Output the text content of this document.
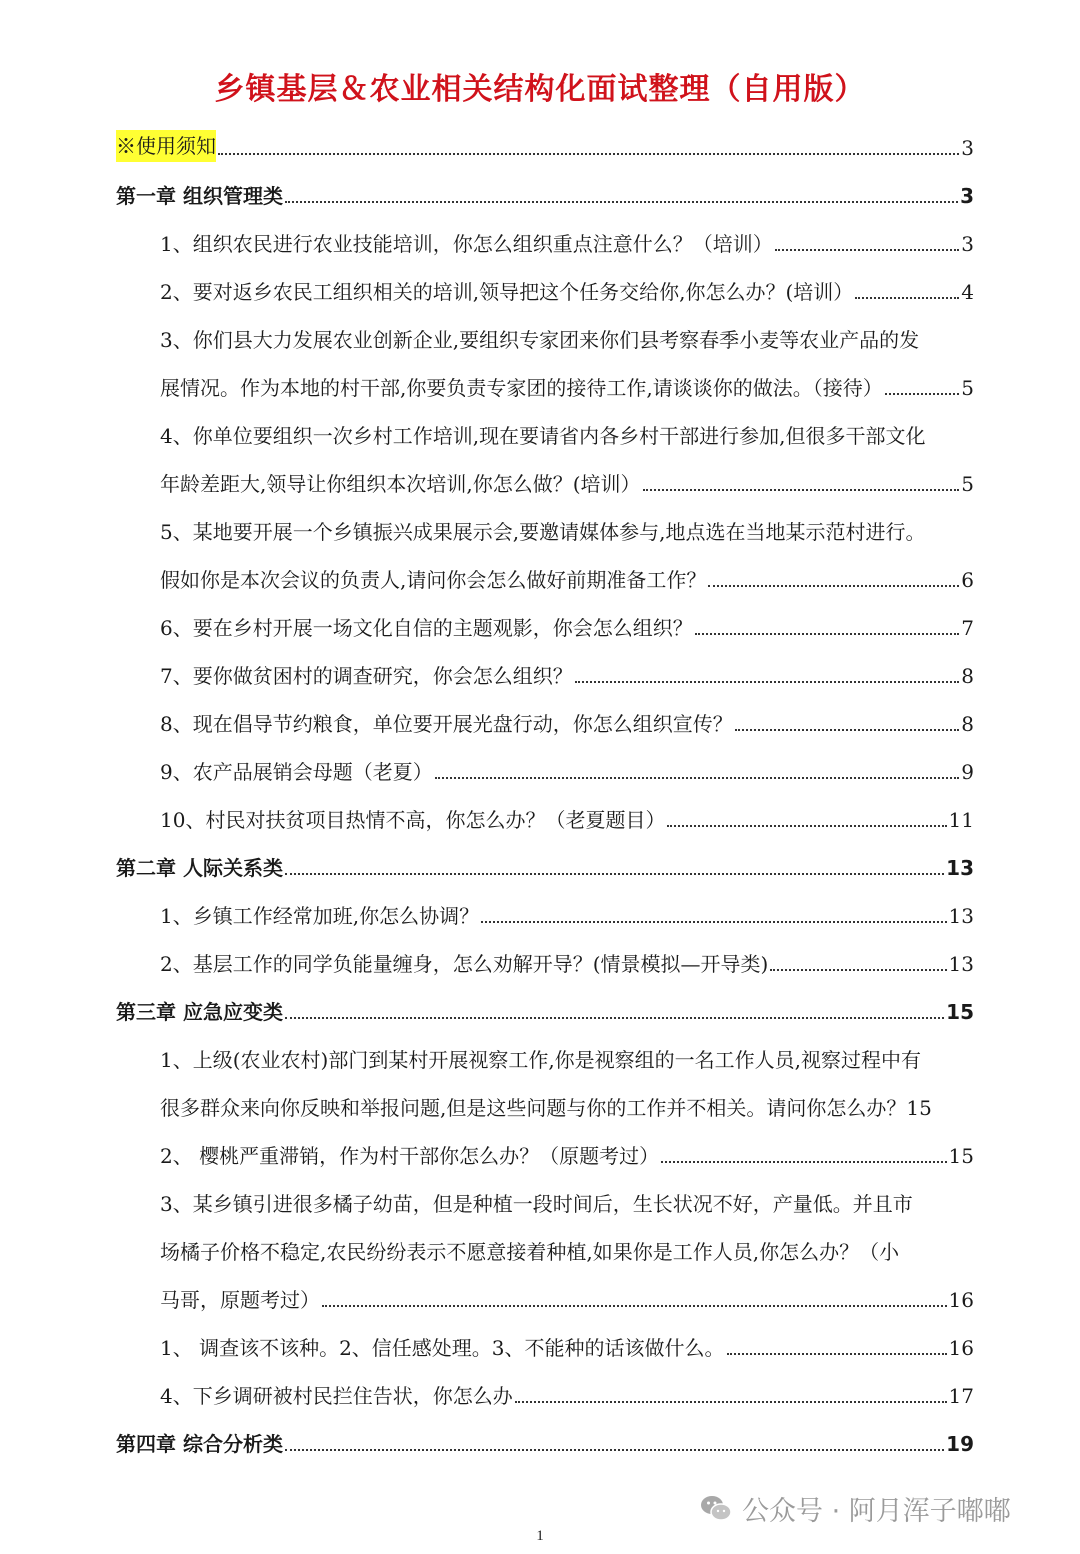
乡镇基层＆农业相关结构化面试整理（自用版）
※使用须知	3
第一章 组织管理类	3
1、组织农民进行农业技能培训，你怎么组织重点注意什么？（培训）	3
2、要对返乡农民工组织相关的培训,领导把这个任务交给你,你怎么办？(培训）	4
3、你们县大力发展农业创新企业,要组织专家团来你们县考察春季小麦等农业产品的发
展情况。作为本地的村干部,你要负责专家团的接待工作,请谈谈你的做法。（接待）	5
4、你单位要组织一次乡村工作培训,现在要请省内各乡村干部进行参加,但很多干部文化
年龄差距大,领导让你组织本次培训,你怎么做？(培训）	5
5、某地要开展一个乡镇振兴成果展示会,要邀请媒体参与,地点选在当地某示范村进行。
假如你是本次会议的负责人,请问你会怎么做好前期准备工作？	6
6、要在乡村开展一场文化自信的主题观影，你会怎么组织？	7
7、要你做贫困村的调查研究，你会怎么组织？	8
8、现在倡导节约粮食，单位要开展光盘行动，你怎么组织宣传？	8
9、农产品展销会母题（老夏）	9
10、村民对扶贫项目热情不高，你怎么办？（老夏题目）	11
第二章 人际关系类	13
1、乡镇工作经常加班,你怎么协调？	13
2、基层工作的同学负能量缠身，怎么劝解开导？(情景模拟—开导类)	13
第三章 应急应变类	15
1、上级(农业农村)部门到某村开展视察工作,你是视察组的一名工作人员,视察过程中有
很多群众来向你反映和举报问题,但是这些问题与你的工作并不相关。请问你怎么办？ 15
2、 樱桃严重滞销，作为村干部你怎么办？（原题考过）	15
3、某乡镇引进很多橘子幼苗，但是种植一段时间后，生长状况不好，产量低。并且市
场橘子价格不稳定,农民纷纷表示不愿意接着种植,如果你是工作人员,你怎么办？（小
马哥，原题考过）	16
1、 调查该不该种。2、信任感处理。3、不能种的话该做什么。	16
4、下乡调研被村民拦住告状，你怎么办	17
第四章 综合分析类	19
公众号 · 阿月浑子嘟嘟
1
